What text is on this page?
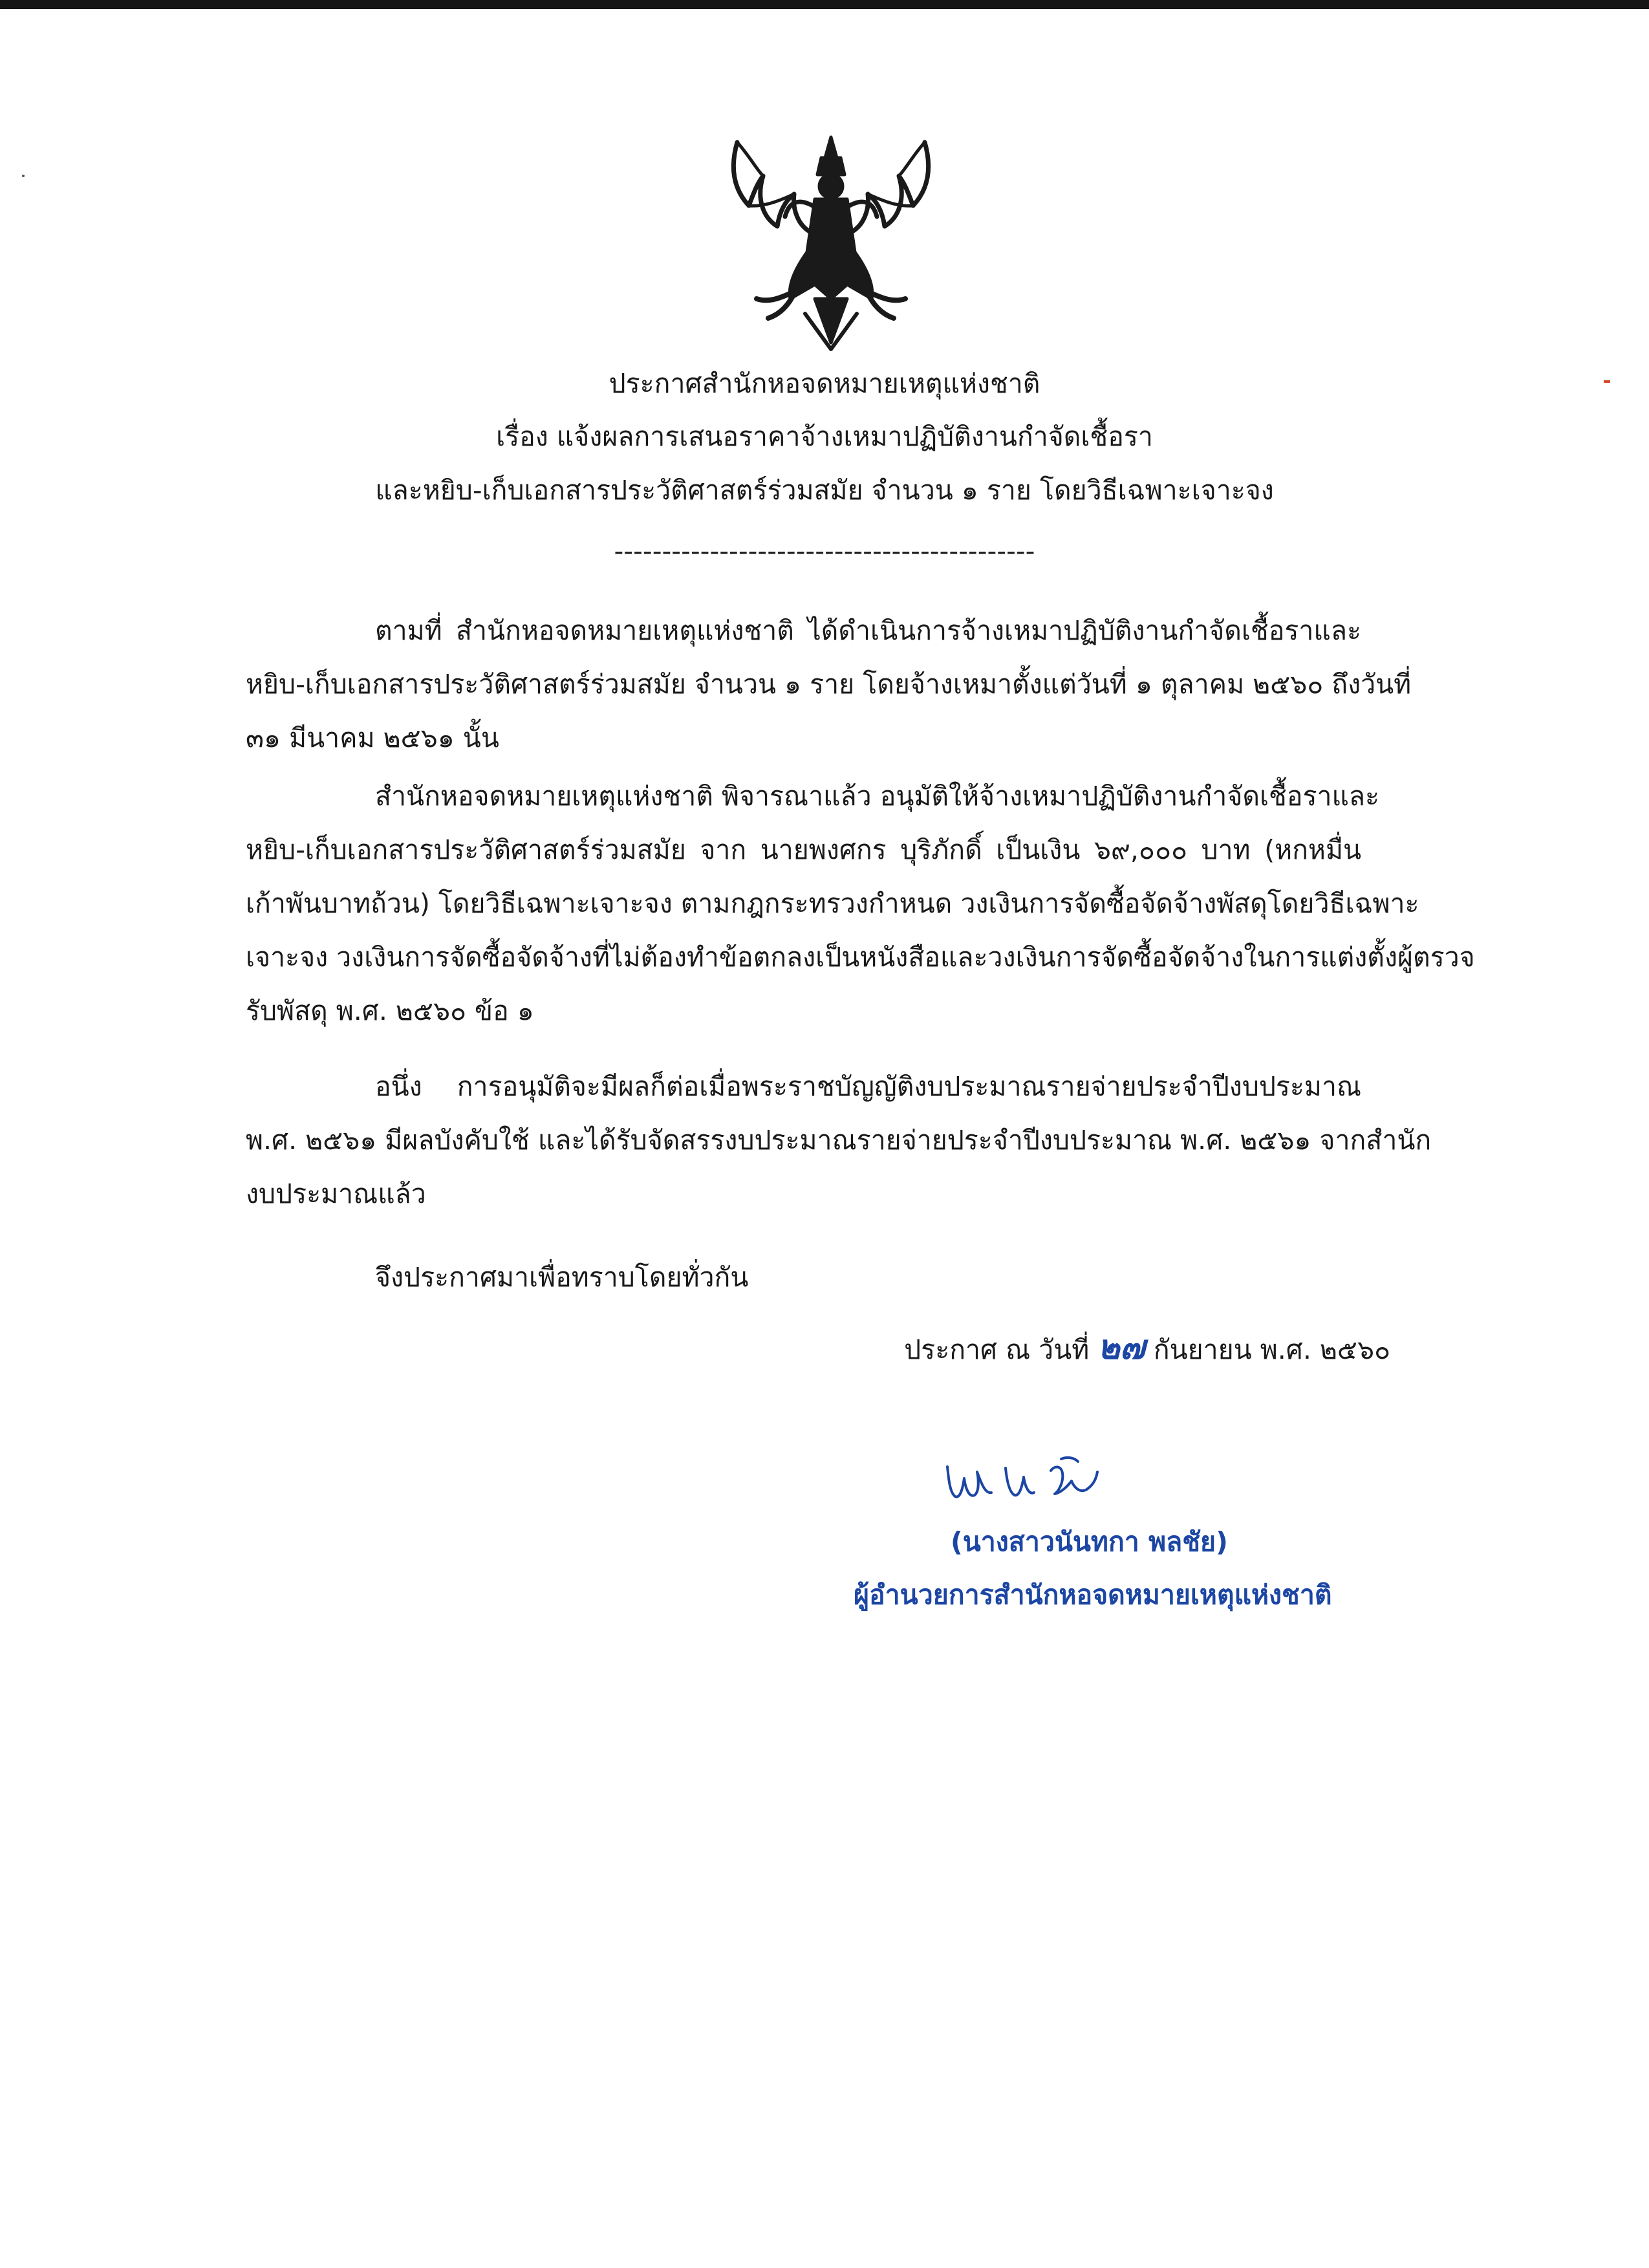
ประกาศสำนักหอจดหมายเหตุแห่งชาติ
เรื่อง แจ้งผลการเสนอราคาจ้างเหมาปฏิบัติงานกำจัดเชื้อรา
และหยิบ-เก็บเอกสารประวัติศาสตร์ร่วมสมัย จำนวน ๑ ราย โดยวิธีเฉพาะเจาะจง
--------------------------------------------
ตามที่ สำนักหอจดหมายเหตุแห่งชาติ ได้ดำเนินการจ้างเหมาปฏิบัติงานกำจัดเชื้อราและ
หยิบ-เก็บเอกสารประวัติศาสตร์ร่วมสมัย จำนวน ๑ ราย โดยจ้างเหมาตั้งแต่วันที่ ๑ ตุลาคม ๒๕๖๐ ถึงวันที่
๓๑ มีนาคม ๒๕๖๑ นั้น
สำนักหอจดหมายเหตุแห่งชาติ พิจารณาแล้ว อนุมัติให้จ้างเหมาปฏิบัติงานกำจัดเชื้อราและ
หยิบ-เก็บเอกสารประวัติศาสตร์ร่วมสมัย จาก นายพงศกร บุริภักดิ์ เป็นเงิน ๖๙,๐๐๐ บาท (หกหมื่น
เก้าพันบาทถ้วน) โดยวิธีเฉพาะเจาะจง ตามกฎกระทรวงกำหนด วงเงินการจัดซื้อจัดจ้างพัสดุโดยวิธีเฉพาะ
เจาะจง วงเงินการจัดซื้อจัดจ้างที่ไม่ต้องทำข้อตกลงเป็นหนังสือและวงเงินการจัดซื้อจัดจ้างในการแต่งตั้งผู้ตรวจ
รับพัสดุ พ.ศ. ๒๕๖๐ ข้อ ๑
อนึ่ง การอนุมัติจะมีผลก็ต่อเมื่อพระราชบัญญัติงบประมาณรายจ่ายประจำปีงบประมาณ
พ.ศ. ๒๕๖๑ มีผลบังคับใช้ และได้รับจัดสรรงบประมาณรายจ่ายประจำปีงบประมาณ พ.ศ. ๒๕๖๑ จากสำนัก
งบประมาณแล้ว
จึงประกาศมาเพื่อทราบโดยทั่วกัน
ประกาศ ณ วันที่ ๒๗ กันยายน พ.ศ. ๒๕๖๐
(นางสาวนันทกา พลชัย)
ผู้อำนวยการสำนักหอจดหมายเหตุแห่งชาติ
